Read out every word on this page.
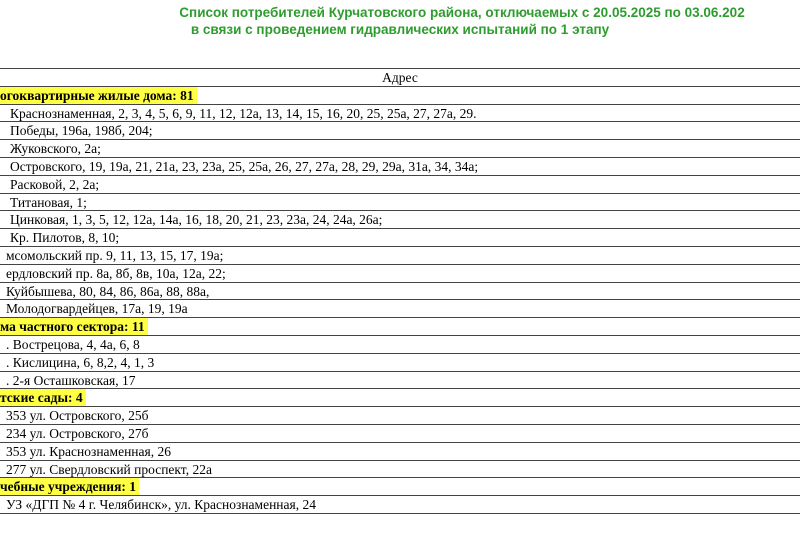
Список потребителей Курчатовского района, отключаемых с 20.05.2025 по 03.06.202
в связи с проведением гидравлических испытаний по 1 этапу
Адрес
огоквартирные жилые дома: 81
Краснознаменная, 2, 3, 4, 5, 6, 9, 11, 12, 12а, 13, 14, 15, 16, 20, 25, 25а, 27, 27а, 29.
Победы, 196а, 198б, 204;
Жуковского, 2а;
Островского, 19, 19а, 21, 21а, 23, 23а, 25, 25а, 26, 27, 27а, 28, 29, 29а, 31а, 34, 34а;
Расковой, 2, 2а;
Титановая, 1;
Цинковая, 1, 3, 5, 12, 12а, 14а, 16, 18, 20, 21, 23, 23а, 24, 24а, 26а;
Кр. Пилотов, 8, 10;
мсомольский пр. 9, 11, 13, 15, 17, 19а;
ердловский пр. 8а, 8б, 8в, 10а, 12а, 22;
Куйбышева, 80, 84, 86, 86а, 88, 88а,
Молодогвардейцев, 17а, 19, 19а
ма частного сектора: 11
. Вострецова, 4, 4а, 6, 8
. Кислицина, 6, 8,2, 4, 1, 3
. 2-я Осташковская, 17
тские сады: 4
353 ул. Островского, 25б
234 ул. Островского, 27б
353 ул. Краснознаменная, 26
277 ул. Свердловский проспект, 22а
чебные учреждения: 1
УЗ «ДГП № 4 г. Челябинск», ул. Краснознаменная, 24
